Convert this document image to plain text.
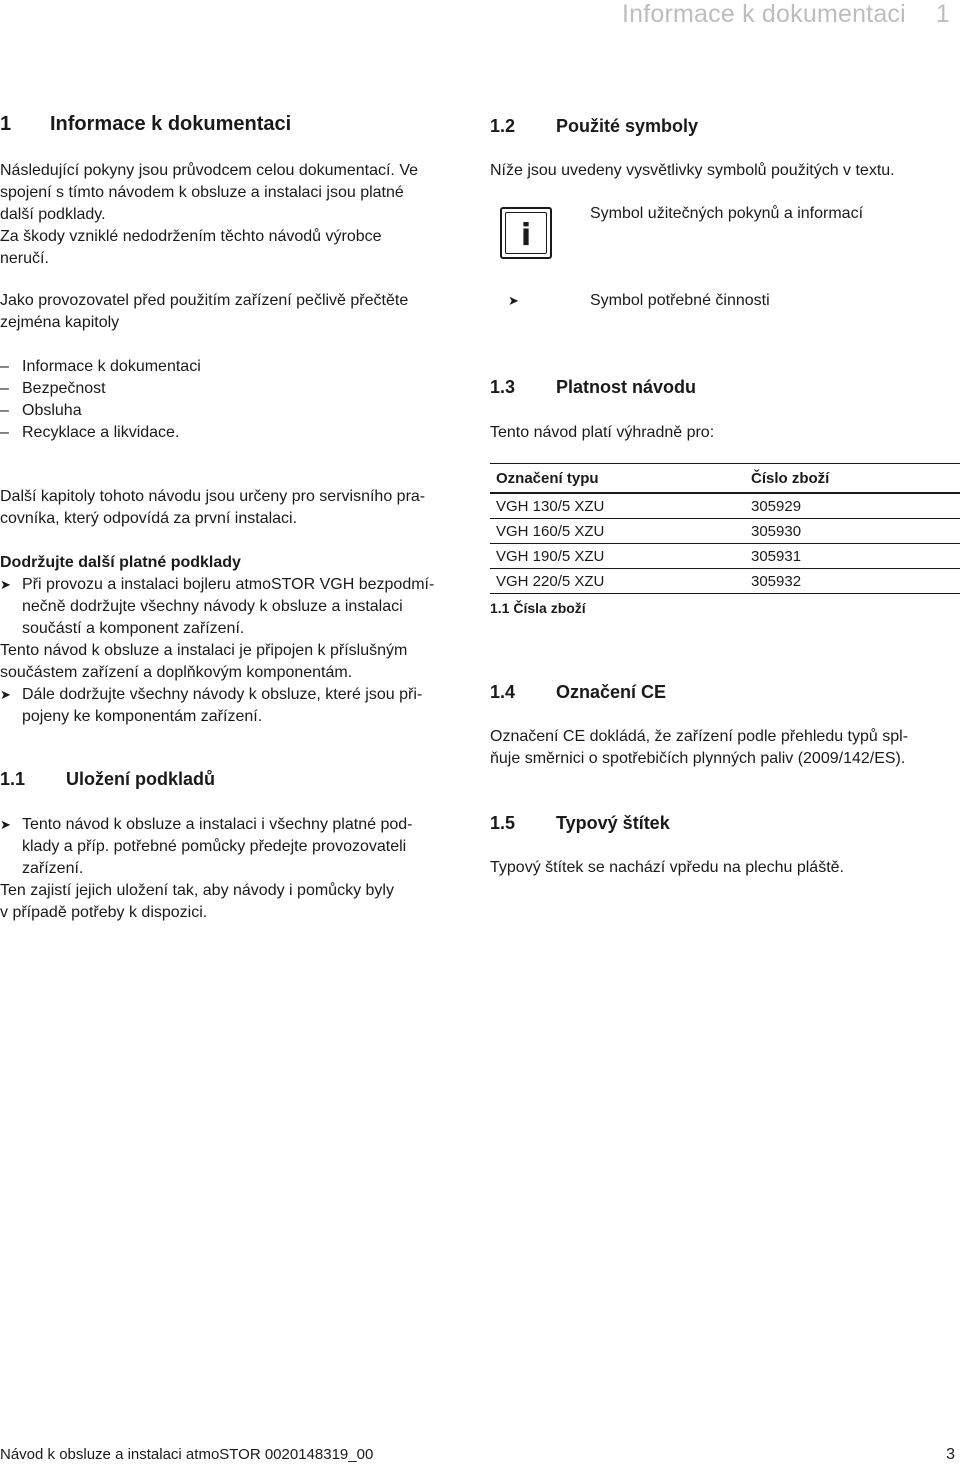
Informace k dokumentaci 1
1	Informace k dokumentaci

Následující pokyny jsou průvodcem celou dokumentací. Ve

spojení s tímto návodem k obsluze a instalaci jsou platné

další podklady.

Za škody vzniklé nedodržením těchto návodů výrobce

neručí.

Jako provozovatel před použitím zařízení pečlivě přečtěte

zejména kapitoly

– Informace k dokumentaci
– Bezpečnost
– Obsluha
– Recyklace a likvidace.

Další kapitoly tohoto návodu jsou určeny pro servisního pra-

covníka, který odpovídá za první instalaci.

Dodržujte další platné podklady

➤ Při provozu a instalaci bojleru atmoSTOR VGH bezpodmí-

nečně dodržujte všechny návody k obsluze a instalaci

součástí a komponent zařízení.

Tento návod k obsluze a instalaci je připojen k příslušným

součástem zařízení a doplňkovým komponentám.

➤ Dále dodržujte všechny návody k obsluze, které jsou při-

pojeny ke komponentám zařízení.

1.1	Uložení podkladů
➤ Tento návod k obsluze a instalaci i všechny platné pod-

klady a příp. potřebné pomůcky předejte provozovateli

zařízení.

Ten zajistí jejich uložení tak, aby návody i pomůcky byly

v případě potřeby k dispozici.

1.2	Použité symboly

Níže jsou uvedeny vysvětlivky symbolů použitých v textu.

i

Symbol užitečných pokynů a informací

➤	Symbol potřebné činnosti

1.3	Platnost návodu

Tento návod platí výhradně pro:

Označení typu	Číslo zboží
VGH 130/5 XZU	305929
VGH 160/5 XZU	305930
VGH 190/5 XZU	305931
VGH 220/5 XZU	305932

1.1 Čísla zboží

1.4	Označení CE

Označení CE dokládá, že zařízení podle přehledu typů spl-

ňuje směrnici o spotřebičích plynných paliv (2009/142/ES).

1.5	Typový štítek

Typový štítek se nachází vpředu na plechu pláště.

Návod k obsluze a instalaci atmoSTOR 0020148319_00	3
